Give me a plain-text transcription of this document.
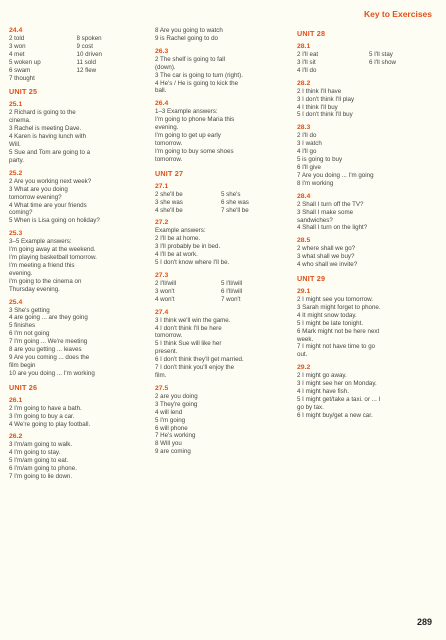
Key to Exercises
24.4
2 told	8 spoken
3 won	9 cost
4 met	10 driven
5 woken up	11 sold
6 swam	12 flew
7 thought
UNIT 25
25.1
2 Richard is going to the
cinema.
3 Rachel is meeting Dave.
4 Karen is having lunch with
Will.
5 Sue and Tom are going to a
party.
25.2
2 Are you working next week?
3 What are you doing
tomorrow evening?
4 What time are your friends
coming?
5 When is Lisa going on holiday?
25.3
3–5 Example answers:
I'm going away at the weekend.
I'm playing basketball tomorrow.
I'm meeting a friend this
evening.
I'm going to the cinema on
Thursday evening.
25.4
3 She's getting
4 are going ... are they going
5 finishes
6 I'm not going
7 I'm going ... We're meeting
8 are you getting ... leaves
9 Are you coming ... does the
film begin
10 are you doing ... I'm working
UNIT 26
26.1
2 I'm going to have a bath.
3 I'm going to buy a car.
4 We're going to play football.
26.2
3 I'm/am going to walk.
4 I'm going to stay.
5 I'm/am going to eat.
6 I'm/am going to phone.
7 I'm going to lie down.
8 Are you going to watch
9 is Rachel going to do
26.3
2 The shelf is going to fall
(down).
3 The car is going to turn (right).
4 He's / He is going to kick the
ball.
26.4
1–3 Example answers:
I'm going to phone Maria this
evening.
I'm going to get up early
tomorrow.
I'm going to buy some shoes
tomorrow.
UNIT 27
27.1
2 she'll be	5 she's
3 she was	6 she was
4 she'll be	7 she'll be
27.2
Example answers:
2 I'll be at home.
3 I'll probably be in bed.
4 I'll be at work.
5 I don't know where I'll be.
27.3
2 I'll/will	5 I'll/will
3 won't	6 I'll/will
4 won't	7 won't
27.4
3 I think we'll win the game.
4 I don't think I'll be here
tomorrow.
5 I think Sue will like her
present.
6 I don't think they'll get married.
7 I don't think you'll enjoy the
film.
27.5
2 are you doing
3 They're going
4 will lend
5 I'm going
6 will phone
7 He's working
8 Will you
9 are coming
UNIT 28
28.1
2 I'll eat	5 I'll stay
3 I'll sit	6 I'll show
4 I'll do
28.2
2 I think I'll have
3 I don't think I'll play
4 I think I'll buy
5 I don't think I'll buy
28.3
2 I'll do
3 I watch
4 I'll go
5 is going to buy
6 I'll give
7 Are you doing ... I'm going
8 I'm working
28.4
2 Shall I turn off the TV?
3 Shall I make some
sandwiches?
4 Shall I turn on the light?
28.5
2 where shall we go?
3 what shall we buy?
4 who shall we invite?
UNIT 29
29.1
2 I might see you tomorrow.
3 Sarah might forget to phone.
4 It might snow today.
5 I might be late tonight.
6 Mark might not be here next
week.
7 I might not have time to go
out.
29.2
2 I might go away.
3 I might see her on Monday.
4 I might have fish.
5 I might get/take a taxi. or ... I
go by tax.
6 I might buy/get a new car.
289
